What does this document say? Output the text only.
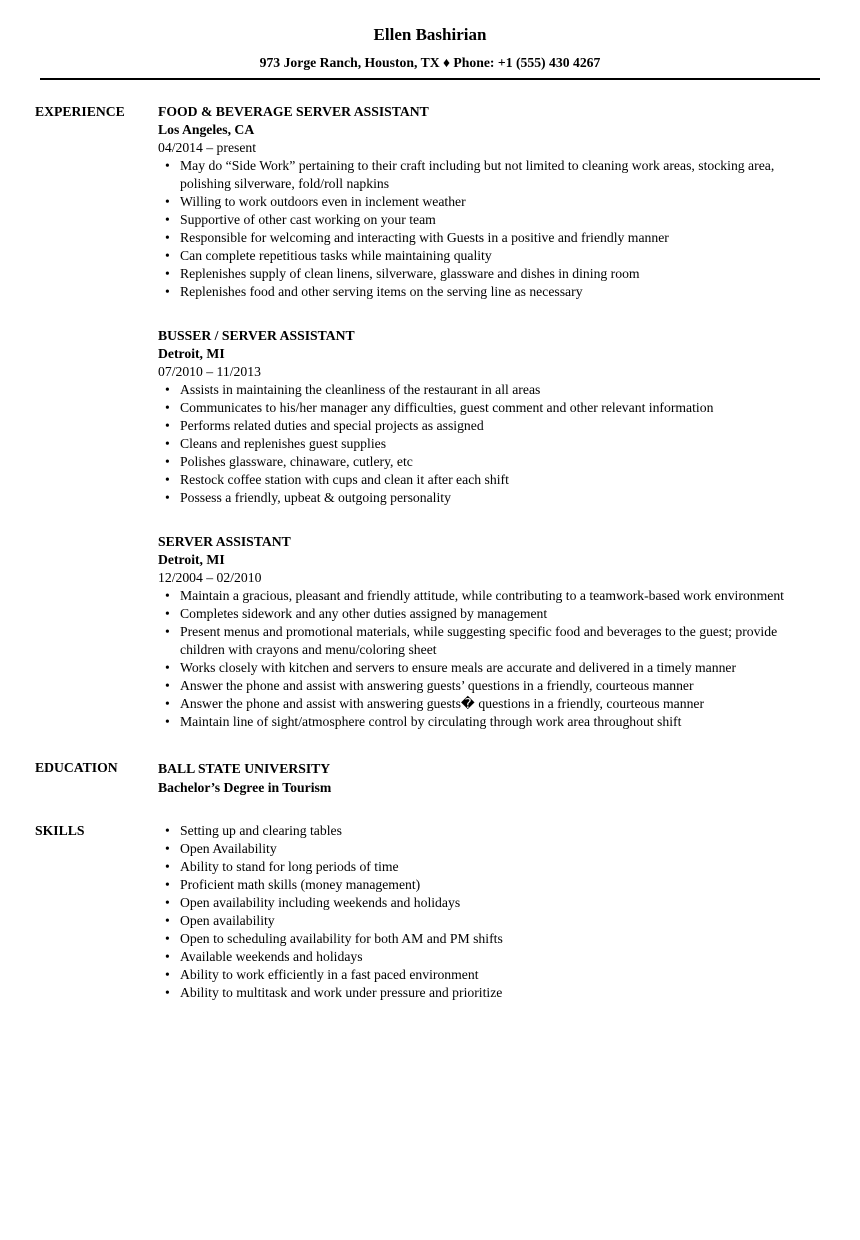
Ellen Bashirian
973 Jorge Ranch, Houston, TX ♦ Phone: +1 (555) 430 4267
EXPERIENCE	FOOD & BEVERAGE SERVER ASSISTANT
Los Angeles, CA
04/2014 – present
• May do “Side Work” pertaining to their craft including but not limited to cleaning work areas, stocking area, polishing silverware, fold/roll napkins
• Willing to work outdoors even in inclement weather
• Supportive of other cast working on your team
• Responsible for welcoming and interacting with Guests in a positive and friendly manner
• Can complete repetitious tasks while maintaining quality
• Replenishes supply of clean linens, silverware, glassware and dishes in dining room
• Replenishes food and other serving items on the serving line as necessary
BUSSER / SERVER ASSISTANT
Detroit, MI
07/2010 – 11/2013
• Assists in maintaining the cleanliness of the restaurant in all areas
• Communicates to his/her manager any difficulties, guest comment and other relevant information
• Performs related duties and special projects as assigned
• Cleans and replenishes guest supplies
• Polishes glassware, chinaware, cutlery, etc
• Restock coffee station with cups and clean it after each shift
• Possess a friendly, upbeat & outgoing personality
SERVER ASSISTANT
Detroit, MI
12/2004 – 02/2010
• Maintain a gracious, pleasant and friendly attitude, while contributing to a teamwork-based work environment
• Completes sidework and any other duties assigned by management
• Present menus and promotional materials, while suggesting specific food and beverages to the guest; provide children with crayons and menu/coloring sheet
• Works closely with kitchen and servers to ensure meals are accurate and delivered in a timely manner
• Answer the phone and assist with answering guests’ questions in a friendly, courteous manner
• Answer the phone and assist with answering guests� questions in a friendly, courteous manner
• Maintain line of sight/atmosphere control by circulating through work area throughout shift
EDUCATION	BALL STATE UNIVERSITY
Bachelor’s Degree in Tourism
SKILLS	• Setting up and clearing tables
• Open Availability
• Ability to stand for long periods of time
• Proficient math skills (money management)
• Open availability including weekends and holidays
• Open availability
• Open to scheduling availability for both AM and PM shifts
• Available weekends and holidays
• Ability to work efficiently in a fast paced environment
• Ability to multitask and work under pressure and prioritize
